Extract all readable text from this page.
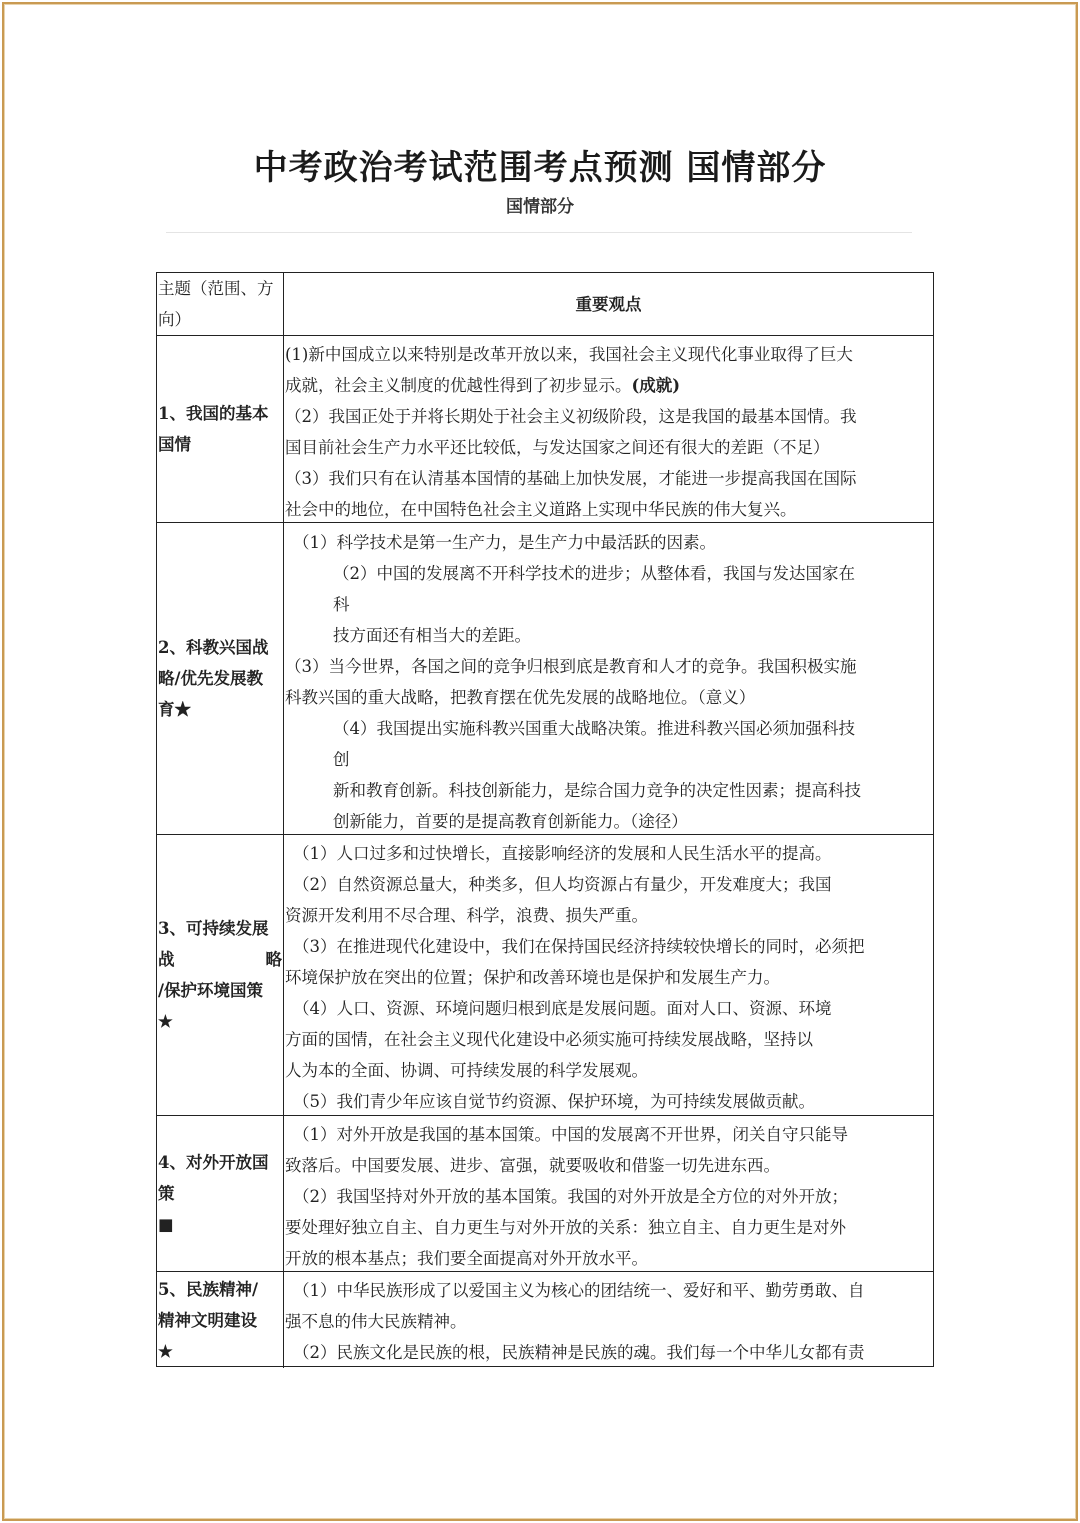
中考政治考试范围考点预测 国情部分
国情部分
主题（范围、方
向）
重要观点
1、我国的基本
国情
(1)新中国成立以来特别是改革开放以来，我国社会主义现代化事业取得了巨大
成就，社会主义制度的优越性得到了初步显示。(成就)
（2）我国正处于并将长期处于社会主义初级阶段，这是我国的最基本国情。我
国目前社会生产力水平还比较低，与发达国家之间还有很大的差距（不足）
（3）我们只有在认清基本国情的基础上加快发展，才能进一步提高我国在国际
社会中的地位，在中国特色社会主义道路上实现中华民族的伟大复兴。
2、科教兴国战
略/优先发展教
育★
（1）科学技术是第一生产力，是生产力中最活跃的因素。
（2）中国的发展离不开科学技术的进步；从整体看，我国与发达国家在
科
技方面还有相当大的差距。
（3）当今世界，各国之间的竞争归根到底是教育和人才的竞争。我国积极实施
科教兴国的重大战略，把教育摆在优先发展的战略地位。（意义）
（4）我国提出实施科教兴国重大战略决策。推进科教兴国必须加强科技
创
新和教育创新。科技创新能力，是综合国力竞争的决定性因素；提高科技
创新能力，首要的是提高教育创新能力。（途径）
3、可持续发展
战	略
/保护环境国策
★
（1）人口过多和过快增长，直接影响经济的发展和人民生活水平的提高。
（2）自然资源总量大，种类多，但人均资源占有量少，开发难度大；我国
资源开发利用不尽合理、科学，浪费、损失严重。
（3）在推进现代化建设中，我们在保持国民经济持续较快增长的同时，必须把
环境保护放在突出的位置；保护和改善环境也是保护和发展生产力。
（4）人口、资源、环境问题归根到底是发展问题。面对人口、资源、环境
方面的国情，在社会主义现代化建设中必须实施可持续发展战略，坚持以
人为本的全面、协调、可持续发展的科学发展观。
（5）我们青少年应该自觉节约资源、保护环境，为可持续发展做贡献。
4、对外开放国
策
■
（1）对外开放是我国的基本国策。中国的发展离不开世界，闭关自守只能导
致落后。中国要发展、进步、富强，就要吸收和借鉴一切先进东西。
（2）我国坚持对外开放的基本国策。我国的对外开放是全方位的对外开放；
要处理好独立自主、自力更生与对外开放的关系：独立自主、自力更生是对外
开放的根本基点；我们要全面提高对外开放水平。
5、民族精神/
精神文明建设
★
（1）中华民族形成了以爱国主义为核心的团结统一、爱好和平、勤劳勇敢、自
强不息的伟大民族精神。
（2）民族文化是民族的根，民族精神是民族的魂。我们每一个中华儿女都有责
